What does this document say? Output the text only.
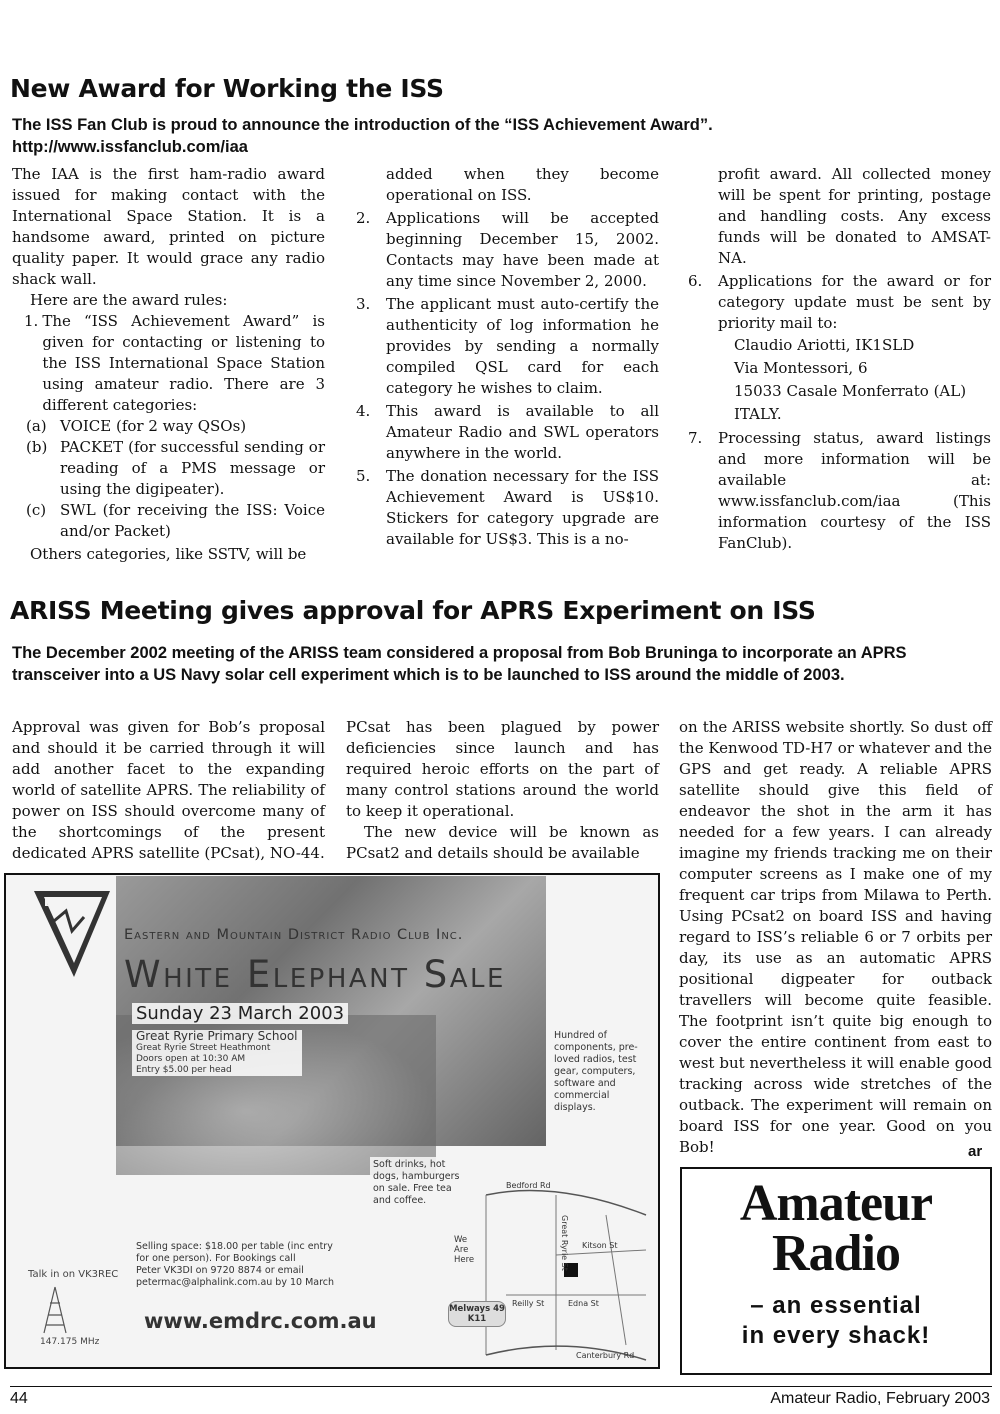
New Award for Working the ISS
The ISS Fan Club is proud to announce the introduction of the “ISS Achievement Award”.
http://www.issfanclub.com/iaa

The IAA is the first ham-radio award issued for making contact with the International Space Station. It is a handsome award, printed on picture quality paper. It would grace any radio shack wall.

Here are the award rules:

1. The “ISS Achievement Award” is given for contacting or listening to the ISS International Space Station using amateur radio. There are 3 different categories:
(a) VOICE (for 2 way QSOs)
(b) PACKET (for successful sending or reading of a PMS message or using the digipeater).
(c) SWL (for receiving the ISS: Voice and/or Packet)

Others categories, like SSTV, will be

added when they become operational on ISS.

2.	Applications will be accepted beginning December 15, 2002. Contacts may have been made at any time since November 2, 2000.
3.	The applicant must auto-certify the authenticity of log information he provides by sending a normally compiled QSL card for each category he wishes to claim.
4.	This award is available to all Amateur Radio and SWL operators anywhere in the world.
5.	The donation necessary for the ISS Achievement Award is US$10. Stickers for category upgrade are available for US$3. This is a no-

profit award. All collected money will be spent for printing, postage and handling costs. Any excess funds will be donated to AMSAT-NA.

6.	Applications for the award or for category update must be sent by priority mail to:
Claudio Ariotti, IK1SLD
Via Montessori, 6
15033 Casale Monferrato (AL)
ITALY.
7.	Processing status, award listings and more information will be available at: www.issfanclub.com/iaa (This information courtesy of the ISS FanClub).
ARISS Meeting gives approval for APRS Experiment on ISS
The December 2002 meeting of the ARISS team considered a proposal from Bob Bruninga to incorporate an APRS transceiver into a US Navy solar cell experiment which is to be launched to ISS around the middle of 2003.

Approval was given for Bob’s proposal and should it be carried through it will add another facet to the expanding world of satellite APRS. The reliability of power on ISS should overcome many of the shortcomings of the present dedicated APRS satellite (PCsat), NO-44.

PCsat has been plagued by power deficiencies since launch and has required heroic efforts on the part of many control stations around the world to keep it operational.

The new device will be known as PCsat2 and details should be available

on the ARISS website shortly. So dust off the Kenwood TD-H7 or whatever and the GPS and get ready. A reliable APRS satellite should give this field of endeavor the shot in the arm it has needed for a few years. I can already imagine my friends tracking me on their computer screens as I make one of my frequent car trips from Milawa to Perth. Using PCsat2 on board ISS and having regard to ISS’s reliable 6 or 7 orbits per day, its use as an automatic APRS positional digpeater for outback travellers will become quite feasible. The footprint isn’t quite big enough to cover the entire continent from east to west but nevertheless it will enable good tracking across wide stretches of the outback. The experiment will remain on board ISS for one year. Good on you Bob!	ar
EMDRC
Eastern and Mountain District Radio Club Inc.
White Elephant Sale
Sunday 23 March 2003
Great Ryrie Primary School
Great Ryrie Street Heathmont
Doors open at 10:30 AM
Entry $5.00 per head
Hundred of components, pre-loved radios, test gear, computers, software and commercial displays.
Soft drinks, hot dogs, hamburgers on sale. Free tea and coffee.
Selling space: $18.00 per table (inc entry
for one person). For Bookings call
Peter VK3DI on 9720 8874 or email
petermac@alphalink.com.au by 10 March
Talk in on VK3REC
147.175 MHz
www.emdrc.com.au
Bedford Rd
Great Ryrie St Kitson St
Reilly St	Edna St
Canterbury Rd
We Are Here
Melways 49 K11
Amateur
Radio
– an essential
in every shack!
44	Amateur Radio, February 2003
